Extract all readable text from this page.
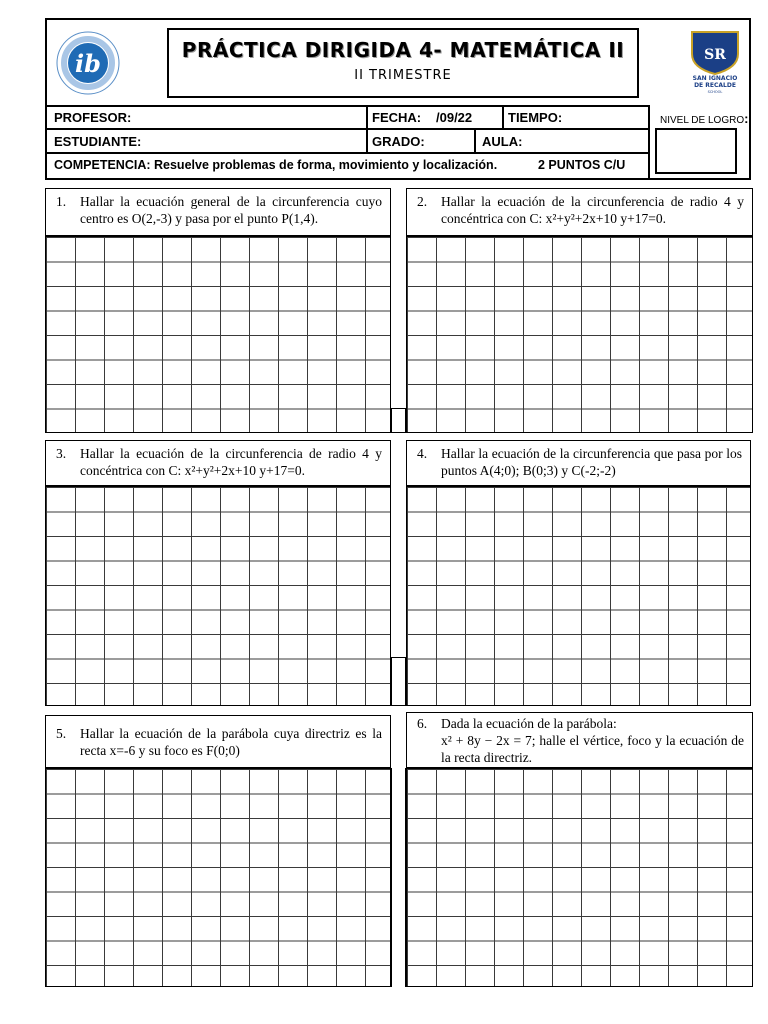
ib	PRÁCTICA DIRIGIDA 4- MATEMÁTICA II
II TRIMESTRE
SR
SAN IGNACIO
DE RECALDE
SCHOOL
PROFESOR:	FECHA: /09/22	TIEMPO:	NIVEL DE LOGRO:
ESTUDIANTE:	GRADO:	AULA:
COMPETENCIA: Resuelve problemas de forma, movimiento y localización.	2 PUNTOS C/U
1. Hallar la ecuación general de la circunferencia cuyo centro es O(2,-3) y pasa por el punto P(1,4).
2. Hallar la ecuación de la circunferencia de radio 4 y concéntrica con C: x²+y²+2x+10 y+17=0.
3. Hallar la ecuación de la circunferencia de radio 4 y concéntrica con C: x²+y²+2x+10 y+17=0.
4. Hallar la ecuación de la circunferencia que pasa por los puntos A(4;0); B(0;3) y C(-2;-2)
5. Hallar la ecuación de la parábola cuya directriz es la recta x=-6 y su foco es F(0;0)
6. Dada la ecuación de la parábola:
x² + 8y − 2x = 7; halle el vértice, foco y la ecuación de la recta directriz.
